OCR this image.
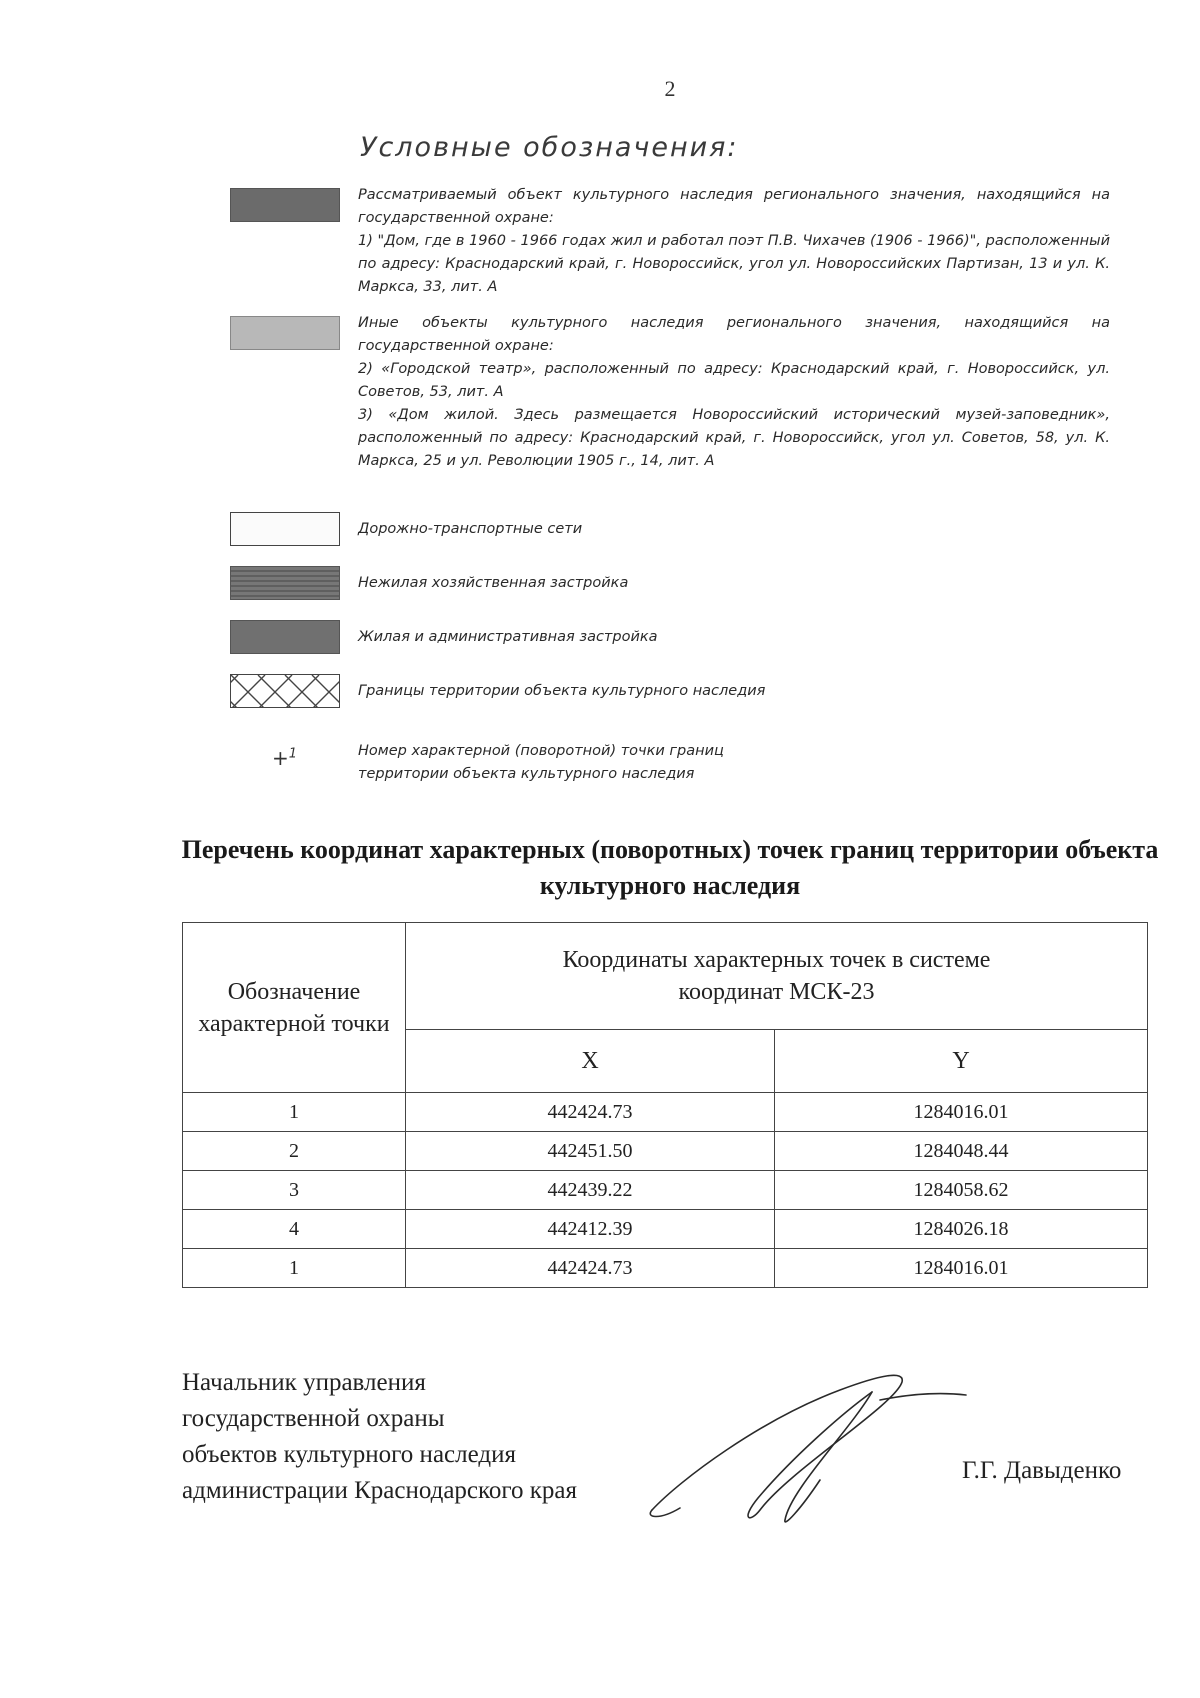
2
Условные обозначения:

Рассматриваемый объект культурного наследия регионального значения, находящийся на государственной охране:

1) "Дом, где в 1960 - 1966 годах жил и работал поэт П.В. Чихачев (1906 - 1966)", расположенный по адресу: Краснодарский край, г. Новороссийск, угол ул. Новороссийских Партизан, 13 и ул. К. Маркса, 33, лит. А

Иные объекты культурного наследия регионального значения, находящийся на государственной охране:

2) «Городской театр», расположенный по адресу: Краснодарский край, г. Новороссийск, ул. Советов, 53, лит. А

3) «Дом жилой. Здесь размещается Новороссийский исторический музей-заповедник», расположенный по адресу: Краснодарский край, г. Новороссийск, угол ул. Советов, 58, ул. К. Маркса, 25 и ул. Революции 1905 г., 14, лит. А

Дорожно-транспортные сети
Нежилая хозяйственная застройка
Жилая и административная застройка
Границы территории объекта культурного наследия
+$^1$	Номер характерной (поворотной) точки границ территории объекта культурного наследия
Перечень координат характерных (поворотных) точек границ территории объекта культурного наследия
Обозначение характерной точки	Координаты характерных точек в системе координат МСК-23	
	X	Y
1	442424.73	1284016.01
2	442451.50	1284048.44
3	442439.22	1284058.62
4	442412.39	1284026.18
1	442424.73	1284016.01
Начальник управления
государственной охраны
объектов культурного наследия
администрации Краснодарского края
Г.Г. Давыденко
